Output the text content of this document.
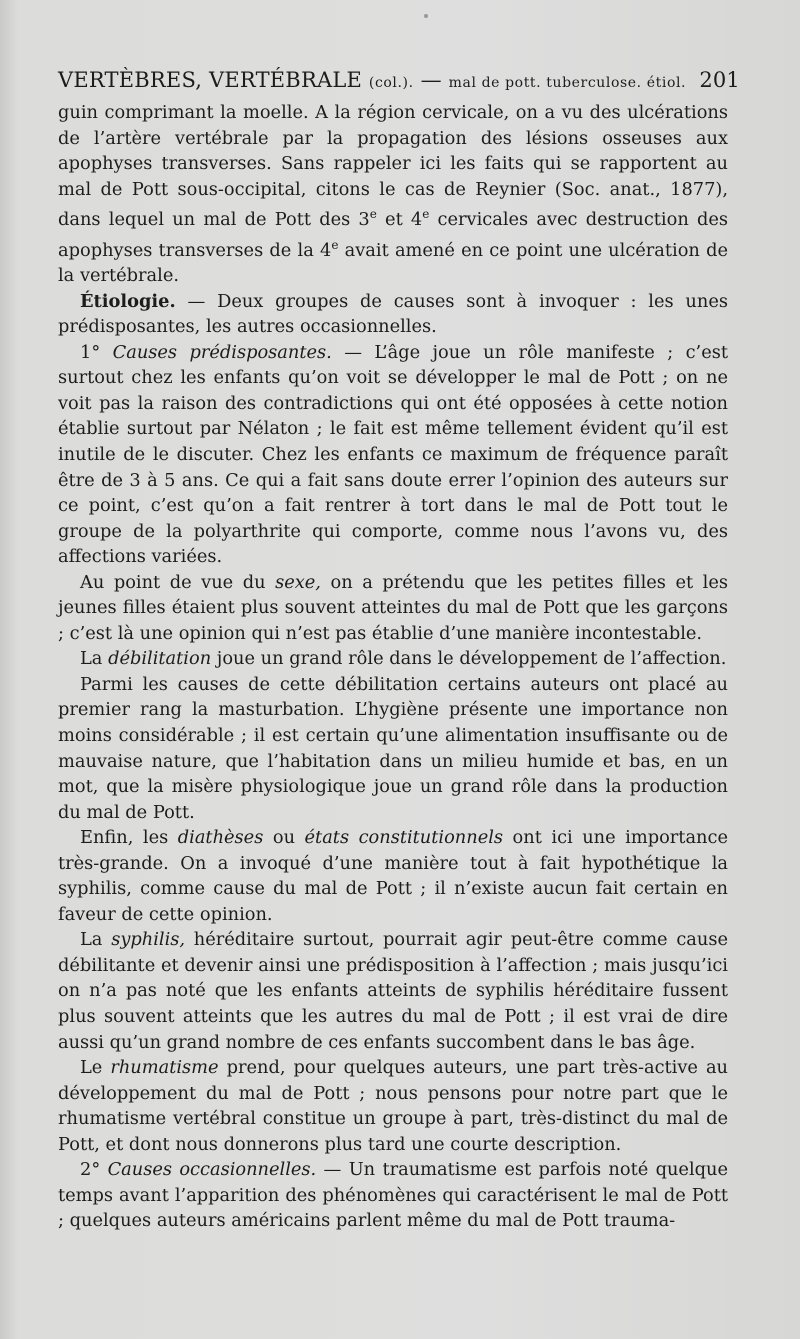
VERTÈBRES, VERTÉBRALE (col.). — mal de pott. tuberculose. étiol. 201

guin comprimant la moelle. A la région cervicale, on a vu des ulcérations de l’artère vertébrale par la propagation des lésions osseuses aux apophyses transverses. Sans rappeler ici les faits qui se rapportent au mal de Pott sous-occipital, citons le cas de Reynier (Soc. anat., 1877), dans lequel un mal de Pott des 3e et 4e cervicales avec destruction des apophyses transverses de la 4e avait amené en ce point une ulcération de la vertébrale.

Étiologie. — Deux groupes de causes sont à invoquer : les unes prédisposantes, les autres occasionnelles.

1° Causes prédisposantes. — L’âge joue un rôle manifeste ; c’est surtout chez les enfants qu’on voit se développer le mal de Pott ; on ne voit pas la raison des contradictions qui ont été opposées à cette notion établie surtout par Nélaton ; le fait est même tellement évident qu’il est inutile de le discuter. Chez les enfants ce maximum de fréquence paraît être de 3 à 5 ans. Ce qui a fait sans doute errer l’opinion des auteurs sur ce point, c’est qu’on a fait rentrer à tort dans le mal de Pott tout le groupe de la polyarthrite qui comporte, comme nous l’avons vu, des affections variées.

Au point de vue du sexe, on a prétendu que les petites filles et les jeunes filles étaient plus souvent atteintes du mal de Pott que les garçons ; c’est là une opinion qui n’est pas établie d’une manière incontestable.

La débilitation joue un grand rôle dans le développement de l’affection.

Parmi les causes de cette débilitation certains auteurs ont placé au premier rang la masturbation. L’hygiène présente une importance non moins considérable ; il est certain qu’une alimentation insuffisante ou de mauvaise nature, que l’habitation dans un milieu humide et bas, en un mot, que la misère physiologique joue un grand rôle dans la production du mal de Pott.

Enfin, les diathèses ou états constitutionnels ont ici une importance très-grande. On a invoqué d’une manière tout à fait hypothétique la syphilis, comme cause du mal de Pott ; il n’existe aucun fait certain en faveur de cette opinion.

La syphilis, héréditaire surtout, pourrait agir peut-être comme cause débilitante et devenir ainsi une prédisposition à l’affection ; mais jusqu’ici on n’a pas noté que les enfants atteints de syphilis héréditaire fussent plus souvent atteints que les autres du mal de Pott ; il est vrai de dire aussi qu’un grand nombre de ces enfants succombent dans le bas âge.

Le rhumatisme prend, pour quelques auteurs, une part très-active au développement du mal de Pott ; nous pensons pour notre part que le rhumatisme vertébral constitue un groupe à part, très-distinct du mal de Pott, et dont nous donnerons plus tard une courte description.

2° Causes occasionnelles. — Un traumatisme est parfois noté quelque temps avant l’apparition des phénomènes qui caractérisent le mal de Pott ; quelques auteurs américains parlent même du mal de Pott trauma-
